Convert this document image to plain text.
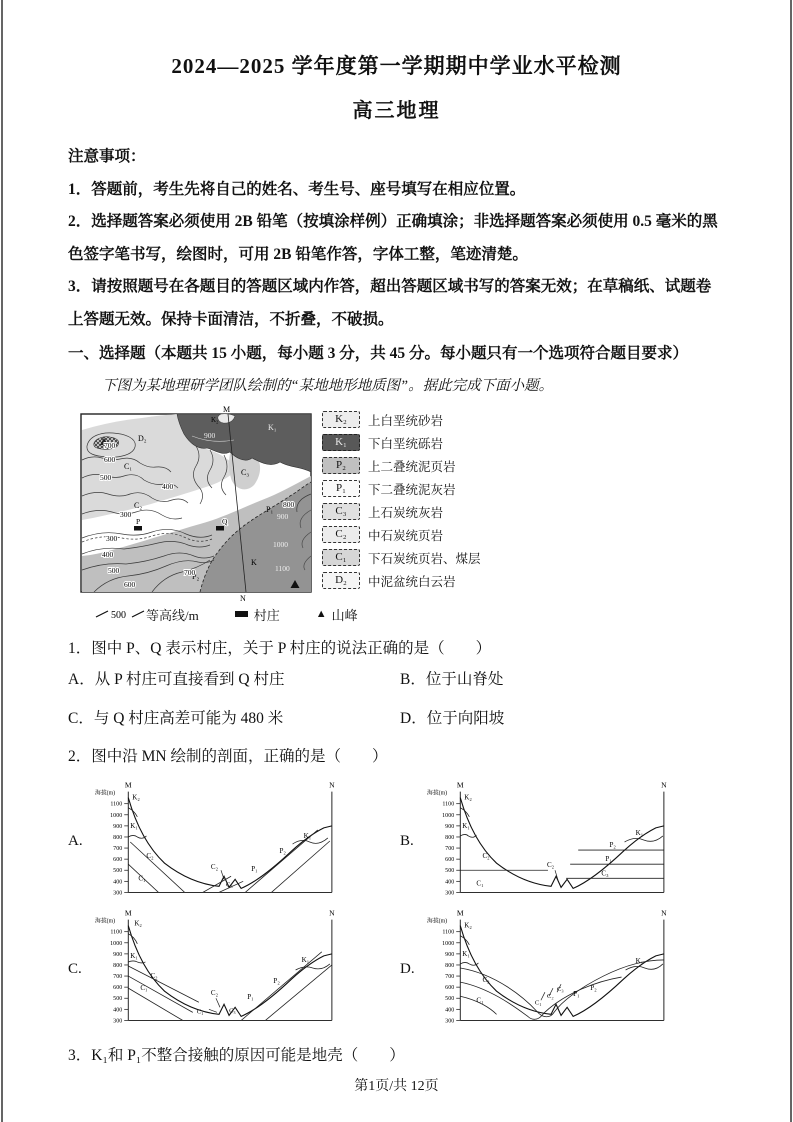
2024—2025 学年度第一学期期中学业水平检测
高三地理

注意事项：

1．答题前，考生先将自己的姓名、考生号、座号填写在相应位置。

2．选择题答案必须使用 2B 铅笔（按填涂样例）正确填涂；非选择题答案必须使用 0.5 毫米的黑色签字笔书写，绘图时，可用 2B 铅笔作答，字体工整，笔迹清楚。

3．请按照题号在各题目的答题区域内作答，超出答题区域书写的答案无效；在草稿纸、试题卷上答题无效。保持卡面清洁，不折叠，不破损。

一、选择题（本题共 15 小题，每小题 3 分，共 45 分。每小题只有一个选项符合题目要求）

下图为某地理研学团队绘制的“某地地形地质图”。据此完成下面小题。

M
N
K₂
K₁
D₂
C₁
C₂
C₃
P₁
P₂
K
P	Q
700
600
500
400
300
300
400
500
600
700
900
800
900
1000
1100
K₂	上白垩统砂岩
K₁	下白垩统砾岩
P₂	上二叠统泥页岩
P₁	下二叠统泥灰岩
C₃	上石炭统灰岩
C₂	中石炭统页岩
C₁	下石炭统页岩、煤层
D₂	中泥盆统白云岩
500 等高线/m	村庄	▲ 山峰

1．图中 P、Q 表示村庄，关于 P 村庄的说法正确的是（　　）

A．从 P 村庄可直接看到 Q 村庄	B．位于山脊处
C．与 Q 村庄高差可能为 480 米	D．位于向阳坡

2．图中沿 MN 绘制的剖面，正确的是（　　）

A.
海拔(m)
1100
1000
900
800
700
600
500
400
300
M	N
K₂
K₁
C₂
C₁
C₂
C₃
P₁
P₂
K₁	B.
海拔(m)
1100
1000
900
800
700
600
500
400
300
M	N
K₂
K₁
C₂
C₁
C₂
C₃
P₁
P₂
K₁
C.
海拔(m)
1100
1000
900
800
700
600
500
400
300
M	N
K₂
K₁
C₂
C₁
C₁
C₂
C₃
P₁
P₂
K₁
D.
海拔(m)
1100
1000
900
800
700
600
500
400
300
M	N
K₂
K₁
C₂
C₁	C₁
C₂
C₃
P₁
P₂
K₁

3．K₁和 P₁不整合接触的原因可能是地壳（　　）

第1页/共 12页
